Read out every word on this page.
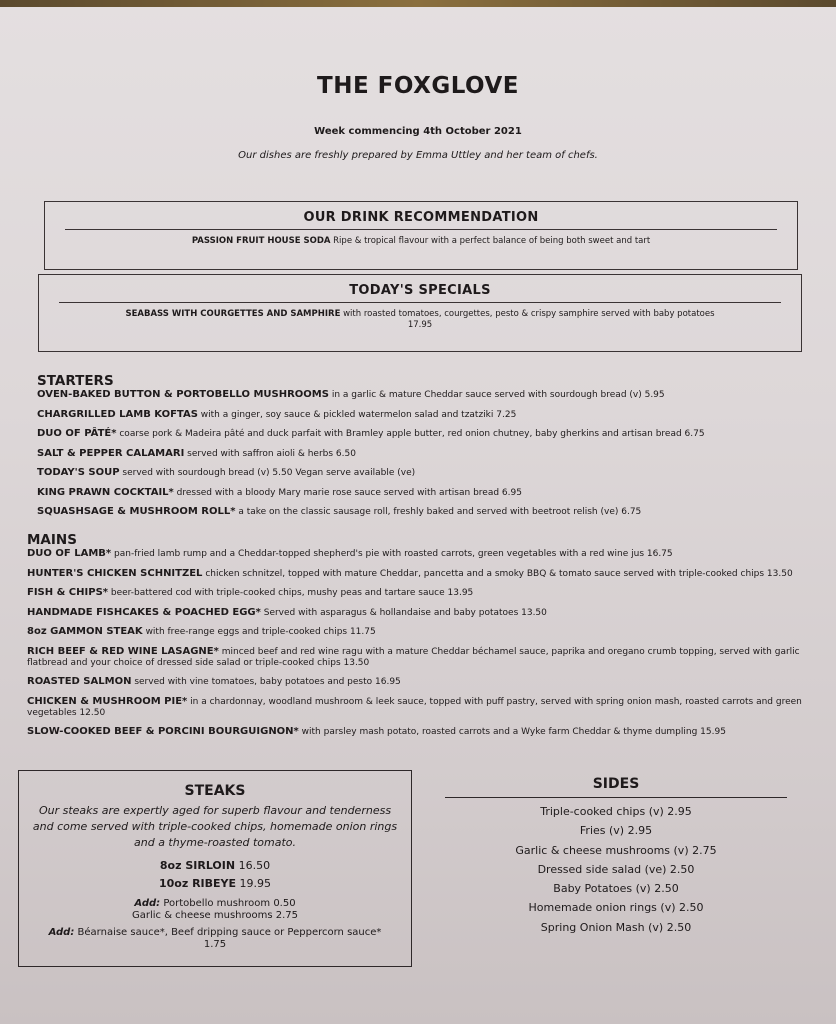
THE FOXGLOVE
Week commencing 4th October 2021
Our dishes are freshly prepared by Emma Uttley and her team of chefs.
OUR DRINK RECOMMENDATION

PASSION FRUIT HOUSE SODA Ripe & tropical flavour with a perfect balance of being both sweet and tart

TODAY'S SPECIALS

SEABASS WITH COURGETTES AND SAMPHIRE with roasted tomatoes, courgettes, pesto & crispy samphire served with baby potatoes
17.95

STARTERS
OVEN-BAKED BUTTON & PORTOBELLO MUSHROOMS in a garlic & mature Cheddar sauce served with sourdough bread (v) 5.95
CHARGRILLED LAMB KOFTAS with a ginger, soy sauce & pickled watermelon salad and tzatziki 7.25
DUO OF PÂTÉ* coarse pork & Madeira pâté and duck parfait with Bramley apple butter, red onion chutney, baby gherkins and artisan bread 6.75
SALT & PEPPER CALAMARI served with saffron aioli & herbs 6.50
TODAY'S SOUP served with sourdough bread (v) 5.50 Vegan serve available (ve)
KING PRAWN COCKTAIL* dressed with a bloody Mary marie rose sauce served with artisan bread 6.95
SQUASHSAGE & MUSHROOM ROLL* a take on the classic sausage roll, freshly baked and served with beetroot relish (ve) 6.75
MAINS
DUO OF LAMB* pan-fried lamb rump and a Cheddar-topped shepherd's pie with roasted carrots, green vegetables with a red wine jus 16.75
HUNTER'S CHICKEN SCHNITZEL chicken schnitzel, topped with mature Cheddar, pancetta and a smoky BBQ & tomato sauce served with triple-cooked chips 13.50
FISH & CHIPS* beer-battered cod with triple-cooked chips, mushy peas and tartare sauce 13.95
HANDMADE FISHCAKES & POACHED EGG* Served with asparagus & hollandaise and baby potatoes 13.50
8oz GAMMON STEAK with free-range eggs and triple-cooked chips 11.75
RICH BEEF & RED WINE LASAGNE* minced beef and red wine ragu with a mature Cheddar béchamel sauce, paprika and oregano crumb topping, served with garlic flatbread and your choice of dressed side salad or triple-cooked chips 13.50
ROASTED SALMON served with vine tomatoes, baby potatoes and pesto 16.95
CHICKEN & MUSHROOM PIE* in a chardonnay, woodland mushroom & leek sauce, topped with puff pastry, served with spring onion mash, roasted carrots and green vegetables 12.50
SLOW-COOKED BEEF & PORCINI BOURGUIGNON* with parsley mash potato, roasted carrots and a Wyke farm Cheddar & thyme dumpling 15.95
STEAKS
Our steaks are expertly aged for superb flavour and tenderness and come served with triple-cooked chips, homemade onion rings and a thyme-roasted tomato.
8oz SIRLOIN 16.50
10oz RIBEYE 19.95
Add: Portobello mushroom 0.50
Garlic & cheese mushrooms 2.75
Add: Béarnaise sauce*, Beef dripping sauce or Peppercorn sauce*
1.75
SIDES
Triple-cooked chips (v) 2.95
Fries (v) 2.95
Garlic & cheese mushrooms (v) 2.75
Dressed side salad (ve) 2.50
Baby Potatoes (v) 2.50
Homemade onion rings (v) 2.50
Spring Onion Mash (v) 2.50
